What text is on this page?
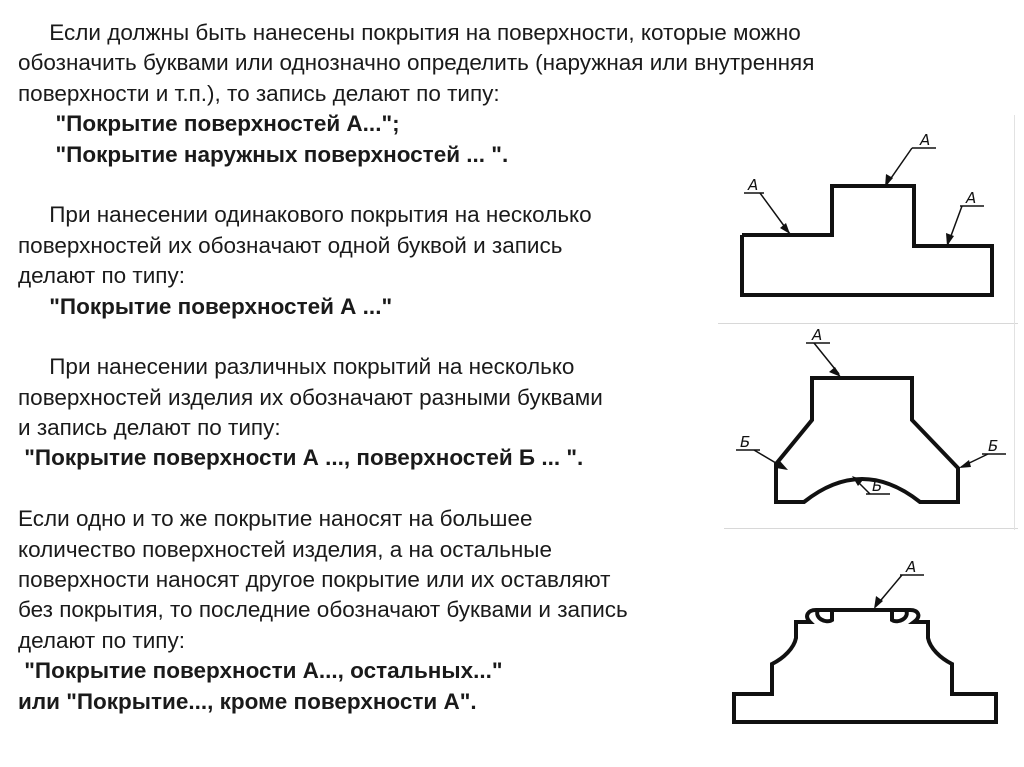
Если должны быть нанесены покрытия на поверхности, которые можно
обозначить буквами или однозначно определить (наружная или внутренняя
поверхности и т.п.), то запись делают по типу:
"Покрытие поверхностей А...";
"Покрытие наружных поверхностей ... ".
При нанесении одинакового покрытия на несколько
поверхностей их обозначают одной буквой и запись
делают по типу:
"Покрытие поверхностей А ..."
При нанесении различных покрытий на несколько
поверхностей изделия их обозначают разными буквами
и запись делают по типу:
"Покрытие поверхности А ..., поверхностей Б ... ".
Если одно и то же покрытие наносят на большее
количество поверхностей изделия, а на остальные
поверхности наносят другое покрытие или их оставляют
без покрытия, то последние обозначают буквами и запись
делают по типу:
"Покрытие поверхности А..., остальных..."
или "Покрытие..., кроме поверхности А".
А
А
А
А
Б	Б
Б
А
